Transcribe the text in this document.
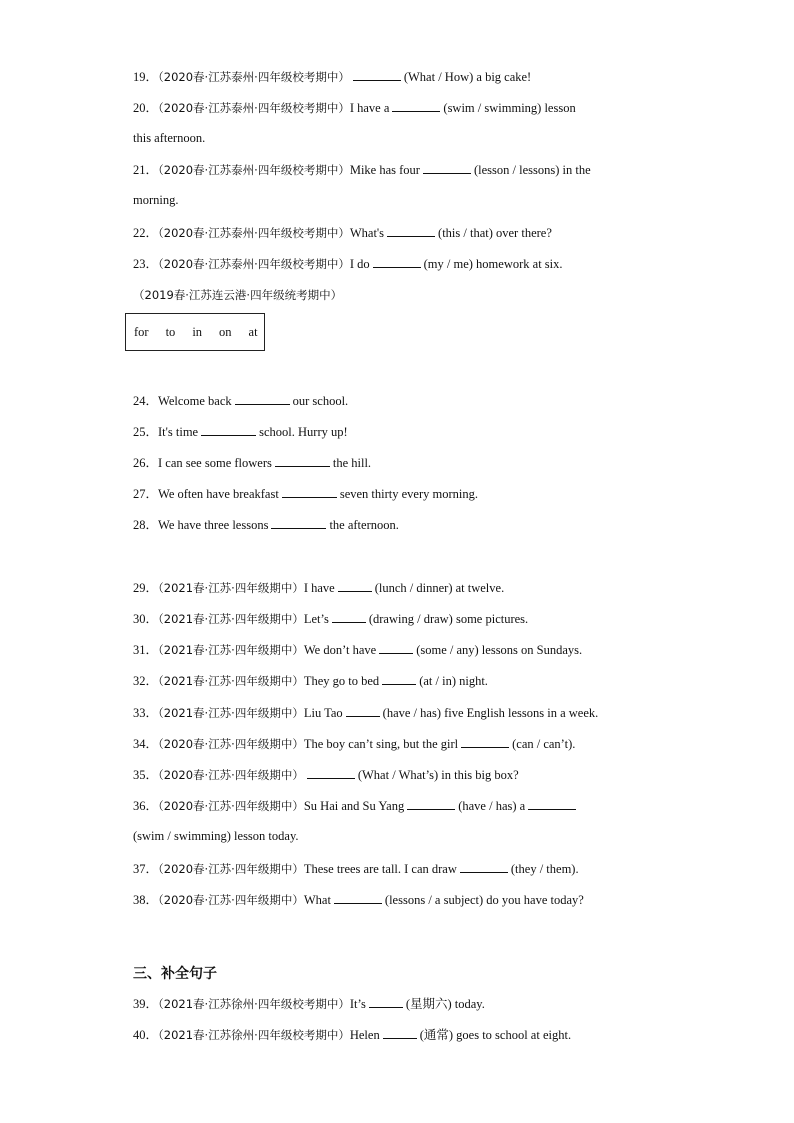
19．（2020春·江苏泰州·四年级校考期中）	(What / How) a big cake!
20．（2020春·江苏泰州·四年级校考期中）I have a	(swim / swimming) lesson
this afternoon.
21．（2020春·江苏泰州·四年级校考期中）Mike has four	(lesson / lessons) in the
morning.
22．（2020春·江苏泰州·四年级校考期中）What's	(this / that) over there?
23．（2020春·江苏泰州·四年级校考期中）I do	(my / me) homework at six.
（2019春·江苏连云港·四年级统考期中）
for to in on at
24．Welcome back	our school.
25．It's time	school. Hurry up!
26．I can see some flowers	the hill.
27．We often have breakfast	seven thirty every morning.
28．We have three lessons	the afternoon.
29．（2021春·江苏·四年级期中）I have	(lunch / dinner) at twelve.
30．（2021春·江苏·四年级期中）Let’s	(drawing / draw) some pictures.
31．（2021春·江苏·四年级期中）We don’t have	(some / any) lessons on Sundays.
32．（2021春·江苏·四年级期中）They go to bed	(at / in) night.
33．（2021春·江苏·四年级期中）Liu Tao	(have / has) five English lessons in a week.
34．（2020春·江苏·四年级期中）The boy can’t sing, but the girl	(can / can’t).
35．（2020春·江苏·四年级期中）	(What / What’s) in this big box?
36．（2020春·江苏·四年级期中）Su Hai and Su Yang	(have / has) a
(swim / swimming) lesson today.
37．（2020春·江苏·四年级期中）These trees are tall. I can draw	(they / them).
38．（2020春·江苏·四年级期中）What	(lessons / a subject) do you have today?
三、补全句子
39．（2021春·江苏徐州·四年级校考期中）It’s	(星期六) today.
40．（2021春·江苏徐州·四年级校考期中）Helen	(通常) goes to school at eight.
